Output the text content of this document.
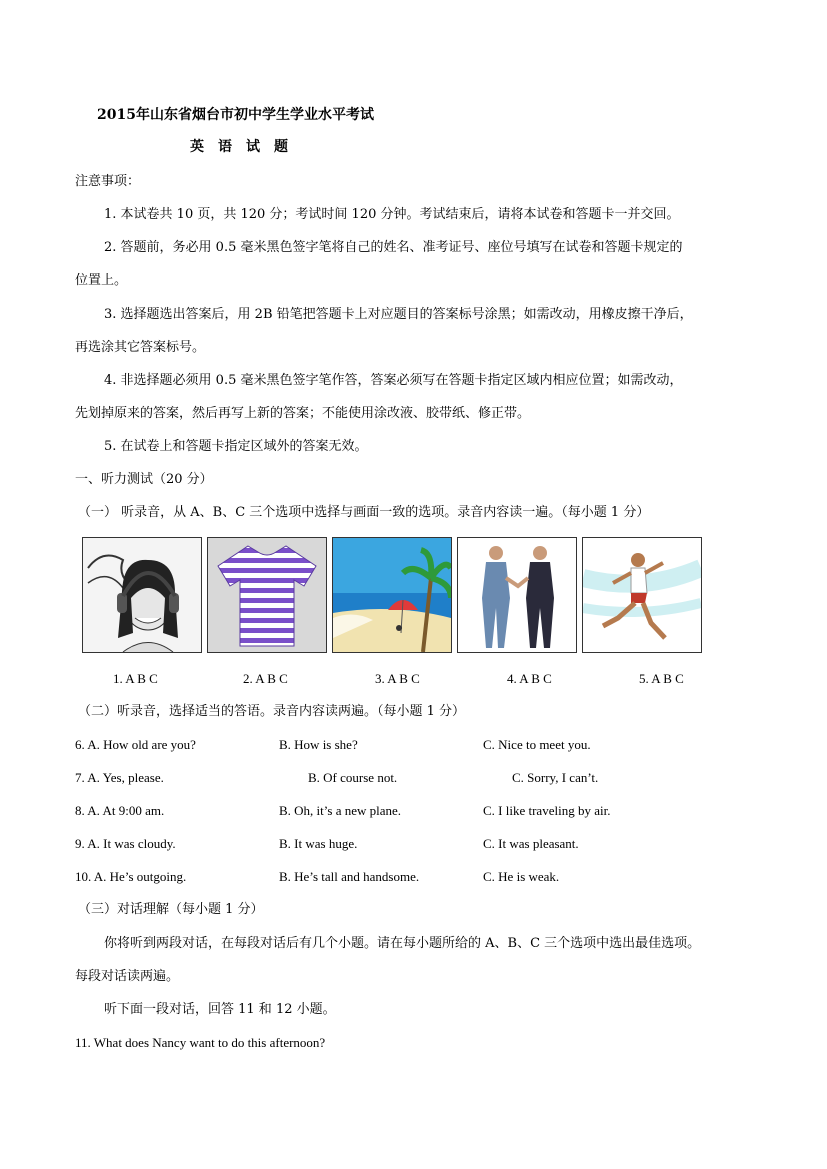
2015年山东省烟台市初中学生学业水平考试
英　语　试　题
注意事项：
1. 本试卷共 10 页，共 120 分；考试时间 120 分钟。考试结束后，请将本试卷和答题卡一并交回。
2. 答题前，务必用 0.5 毫米黑色签字笔将自己的姓名、准考证号、座位号填写在试卷和答题卡规定的
位置上。
3. 选择题选出答案后，用 2B 铅笔把答题卡上对应题目的答案标号涂黑；如需改动，用橡皮擦干净后，
再选涂其它答案标号。
4. 非选择题必须用 0.5 毫米黑色签字笔作答，答案必须写在答题卡指定区域内相应位置；如需改动，
先划掉原来的答案，然后再写上新的答案；不能使用涂改液、胶带纸、修正带。
5. 在试卷上和答题卡指定区域外的答案无效。
一、听力测试（20 分）
（一） 听录音，从 A、B、C 三个选项中选择与画面一致的选项。录音内容读一遍。（每小题 1 分）
1. A B C	2. A B C	3. A B C	4. A B C	5. A B C
（二）听录音，选择适当的答语。录音内容读两遍。（每小题 1 分）
6. A. How old are you?	B. How is she?	C. Nice to meet you.
7. A. Yes, please.	B. Of course not.	C. Sorry, I can’t.
8. A. At 9:00 am.	B. Oh, it’s a new plane.	C. I like traveling by air.
9. A. It was cloudy.	B. It was huge.	C. It was pleasant.
10. A. He’s outgoing.	B. He’s tall and handsome.	C. He is weak.
（三）对话理解（每小题 1 分）
你将听到两段对话，在每段对话后有几个小题。请在每小题所给的 A、B、C 三个选项中选出最佳选项。
每段对话读两遍。
听下面一段对话，回答 11 和 12 小题。
11. What does Nancy want to do this afternoon?
